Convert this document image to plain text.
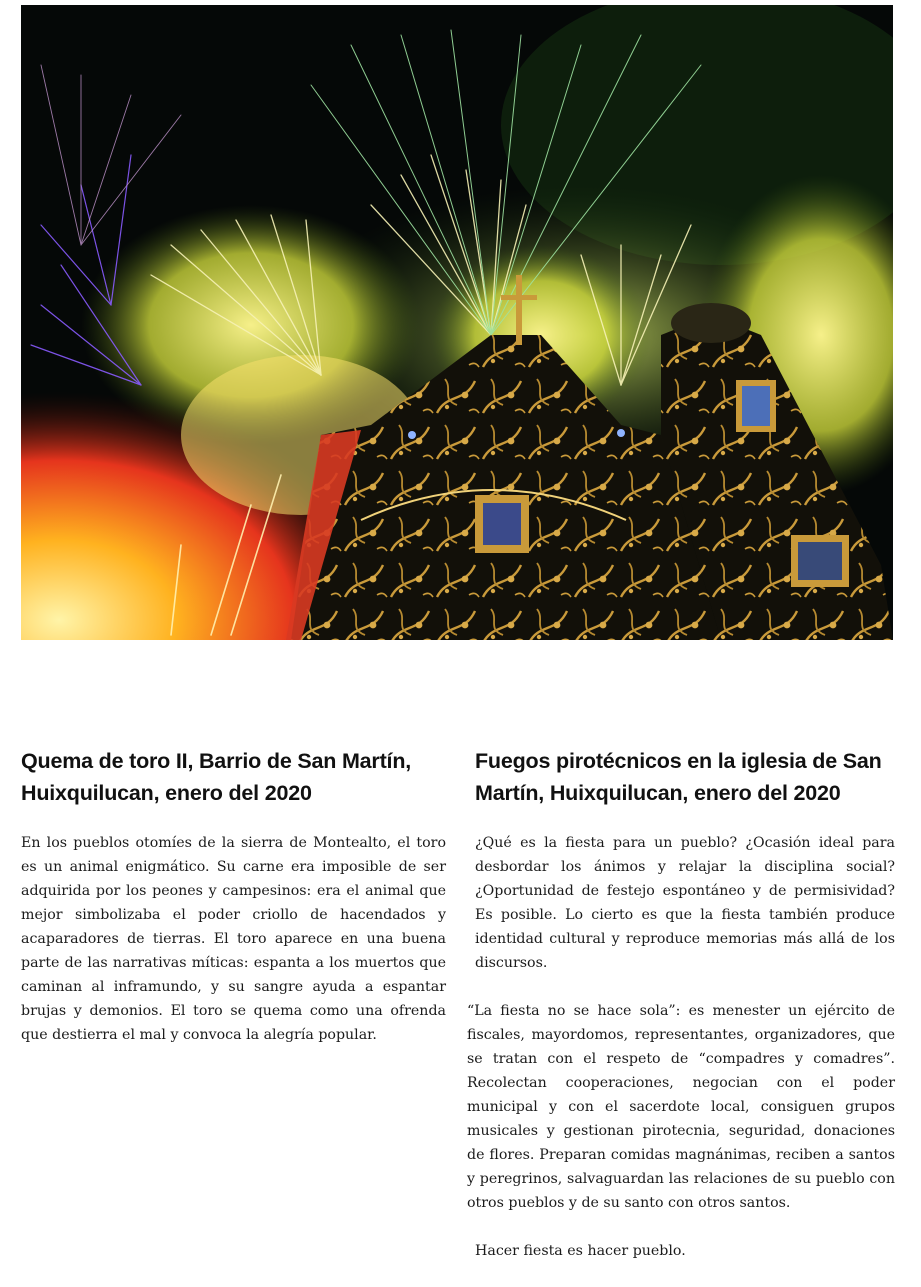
Quema de toro II, Barrio de San Martín, Huixquilucan, enero del 2020

En los pueblos otomíes de la sierra de Montealto, el toro es un animal enigmático. Su carne era imposible de ser adquirida por los peones y campesinos: era el animal que mejor simbolizaba el poder criollo de hacendados y acaparadores de tierras. El toro aparece en una buena parte de las narrativas míticas: espanta a los muertos que caminan al inframundo, y su sangre ayuda a espantar brujas y demonios. El toro se quema como una ofrenda que destierra el mal y convoca la alegría popular.

Fuegos pirotécnicos en la iglesia de San Martín, Huixquilucan, enero del 2020

¿Qué es la fiesta para un pueblo? ¿Ocasión ideal para desbordar los ánimos y relajar la disciplina social? ¿Oportunidad de festejo espontáneo y de permisividad? Es posible. Lo cierto es que la fiesta también produce identidad cultural y reproduce memorias más allá de los discursos.

“La fiesta no se hace sola”: es menester un ejército de fiscales, mayordomos, representantes, organizadores, que se tratan con el respeto de “compadres y comadres”. Recolectan cooperaciones, negocian con el poder municipal y con el sacerdote local, consiguen grupos musicales y gestionan pirotecnia, seguridad, donaciones de flores. Preparan comidas magnánimas, reciben a santos y peregrinos, salvaguardan las relaciones de su pueblo con otros pueblos y de su santo con otros santos.

Hacer fiesta es hacer pueblo.
